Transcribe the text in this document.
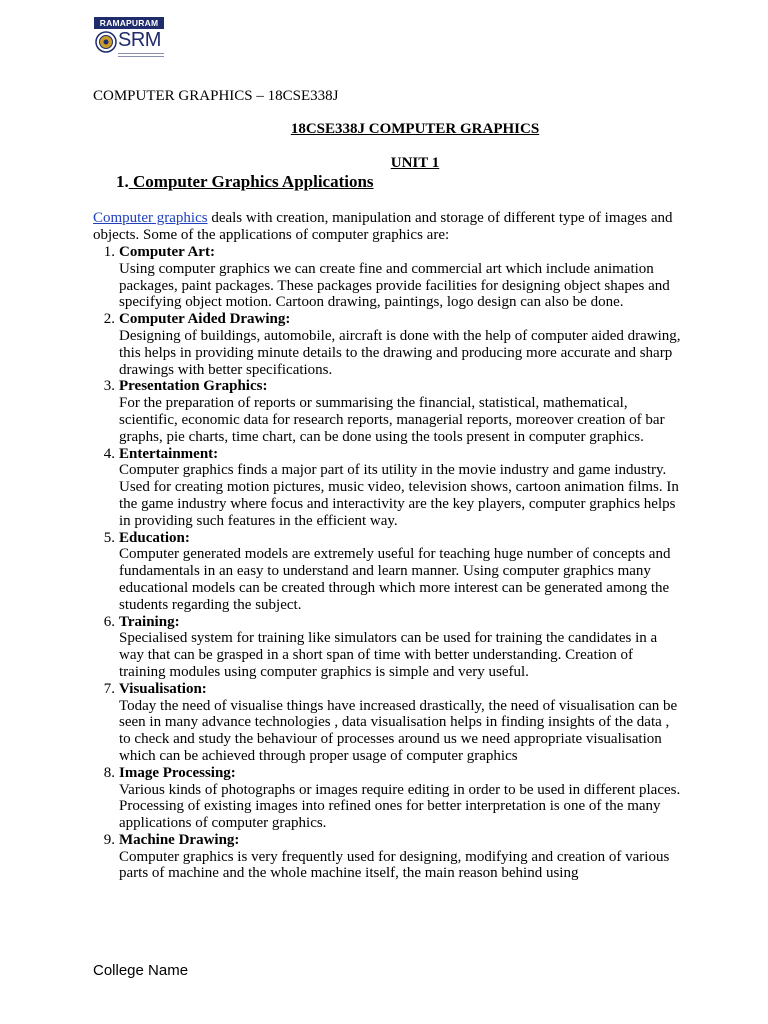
RAMAPURAM
SRM
COMPUTER GRAPHICS – 18CSE338J
18CSE338J COMPUTER GRAPHICS
UNIT 1
1. Computer Graphics Applications
Computer graphics deals with creation, manipulation and storage of different type of images and objects. Some of the applications of computer graphics are:
1. Computer Art:
Using computer graphics we can create fine and commercial art which include animation packages, paint packages. These packages provide facilities for designing object shapes and specifying object motion. Cartoon drawing, paintings, logo design can also be done.
2. Computer Aided Drawing:
Designing of buildings, automobile, aircraft is done with the help of computer aided drawing, this helps in providing minute details to the drawing and producing more accurate and sharp drawings with better specifications.
3. Presentation Graphics:
For the preparation of reports or summarising the financial, statistical, mathematical, scientific, economic data for research reports, managerial reports, moreover creation of bar graphs, pie charts, time chart, can be done using the tools present in computer graphics.
4. Entertainment:
Computer graphics finds a major part of its utility in the movie industry and game industry. Used for creating motion pictures, music video, television shows, cartoon animation films. In the game industry where focus and interactivity are the key players, computer graphics helps in providing such features in the efficient way.
5. Education:
Computer generated models are extremely useful for teaching huge number of concepts and fundamentals in an easy to understand and learn manner. Using computer graphics many educational models can be created through which more interest can be generated among the students regarding the subject.
6. Training:
Specialised system for training like simulators can be used for training the candidates in a way that can be grasped in a short span of time with better understanding. Creation of training modules using computer graphics is simple and very useful.
7. Visualisation:
Today the need of visualise things have increased drastically, the need of visualisation can be seen in many advance technologies , data visualisation helps in finding insights of the data , to check and study the behaviour of processes around us we need appropriate visualisation which can be achieved through proper usage of computer graphics
8. Image Processing:
Various kinds of photographs or images require editing in order to be used in different places. Processing of existing images into refined ones for better interpretation is one of the many applications of computer graphics.
9. Machine Drawing:
Computer graphics is very frequently used for designing, modifying and creation of various parts of machine and the whole machine itself, the main reason behind using
College Name
